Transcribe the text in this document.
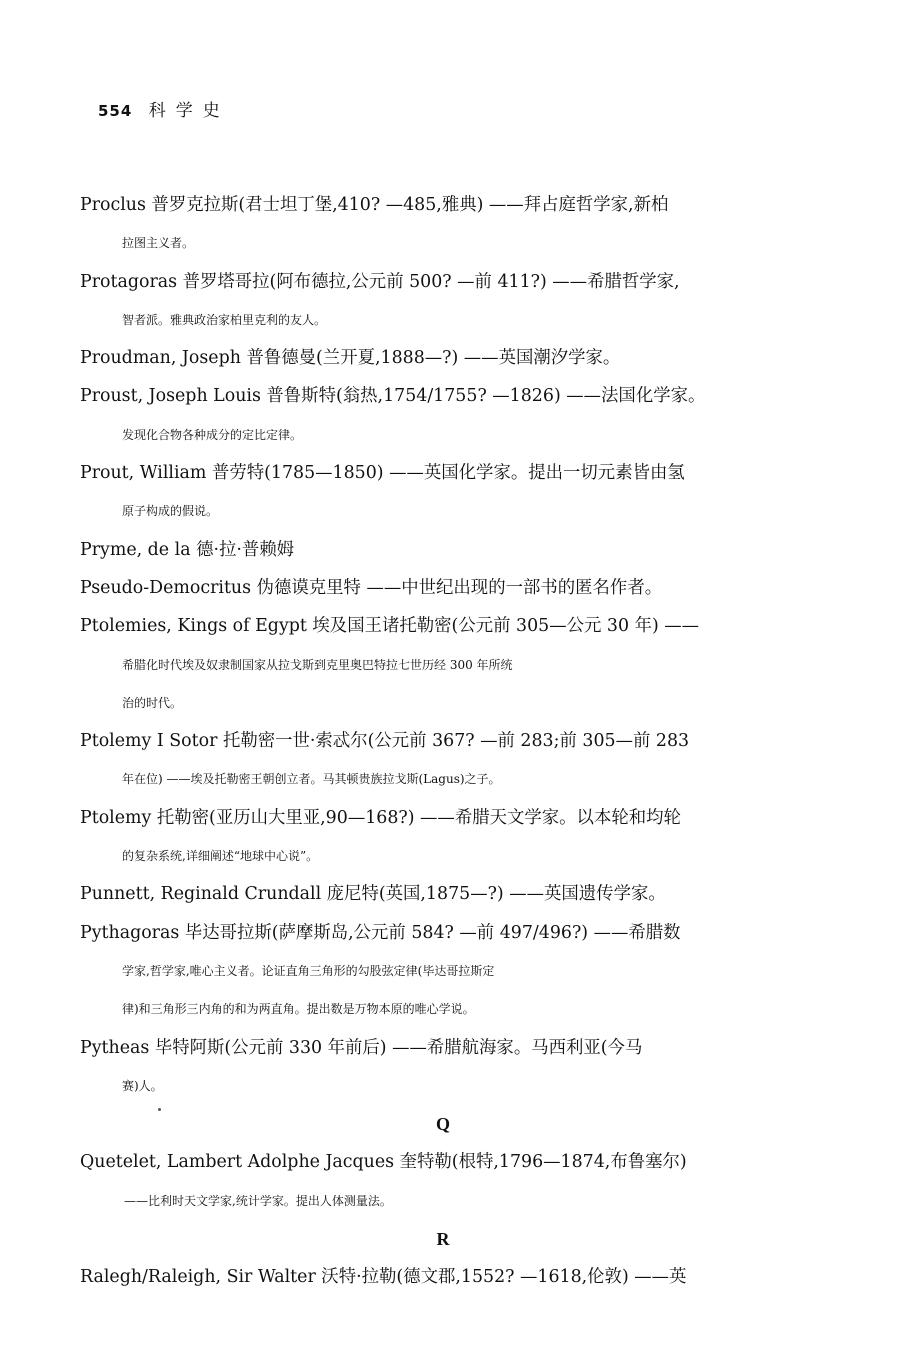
554 科学史
Proclus 普罗克拉斯(君士坦丁堡,410? —485,雅典) ——拜占庭哲学家,新柏
拉图主义者。
Protagoras 普罗塔哥拉(阿布德拉,公元前 500? —前 411?) ——希腊哲学家,
智者派。雅典政治家柏里克利的友人。
Proudman, Joseph 普鲁德曼(兰开夏,1888—?) ——英国潮汐学家。
Proust, Joseph Louis 普鲁斯特(翁热,1754/1755? —1826) ——法国化学家。
发现化合物各种成分的定比定律。
Prout, William 普劳特(1785—1850) ——英国化学家。提出一切元素皆由氢
原子构成的假说。
Pryme, de la 德·拉·普赖姆
Pseudo-Democritus 伪德谟克里特 ——中世纪出现的一部书的匿名作者。
Ptolemies, Kings of Egypt 埃及国王诸托勒密(公元前 305—公元 30 年) ——
希腊化时代埃及奴隶制国家从拉戈斯到克里奥巴特拉七世历经 300 年所统
治的时代。
Ptolemy Ⅰ Sotor 托勒密一世·索忒尔(公元前 367? —前 283;前 305—前 283
年在位) ——埃及托勒密王朝创立者。马其顿贵族拉戈斯(Lagus)之子。
Ptolemy 托勒密(亚历山大里亚,90—168?) ——希腊天文学家。以本轮和均轮
的复杂系统,详细阐述“地球中心说”。
Punnett, Reginald Crundall 庞尼特(英国,1875—?) ——英国遗传学家。
Pythagoras 毕达哥拉斯(萨摩斯岛,公元前 584? —前 497/496?) ——希腊数
学家,哲学家,唯心主义者。论证直角三角形的勾股弦定律(毕达哥拉斯定
律)和三角形三内角的和为两直角。提出数是万物本原的唯心学说。
Pytheas 毕特阿斯(公元前 330 年前后) ——希腊航海家。马西利亚(今马
赛)人。
Q
Quetelet, Lambert Adolphe Jacques 奎特勒(根特,1796—1874,布鲁塞尔)
——比利时天文学家,统计学家。提出人体测量法。
R
Ralegh/Raleigh, Sir Walter 沃特·拉勒(德文郡,1552? —1618,伦敦) ——英
